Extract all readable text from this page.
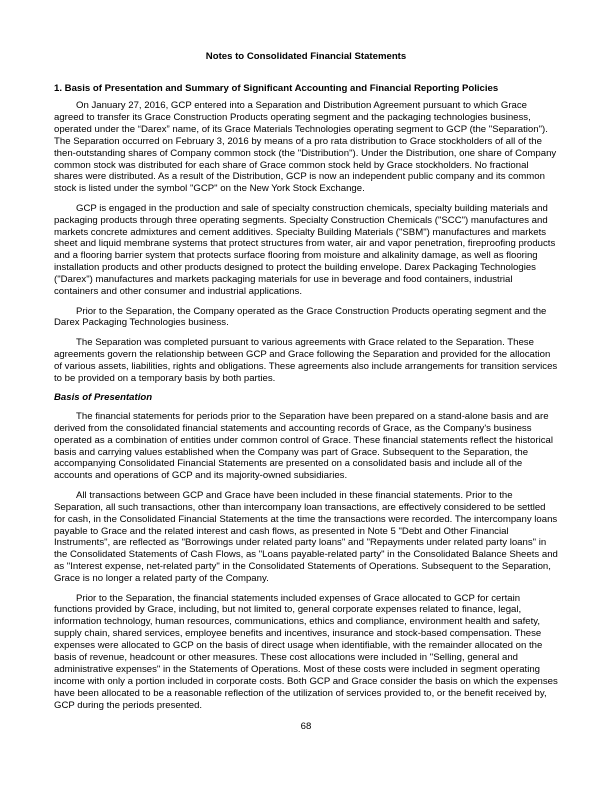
Notes to Consolidated Financial Statements
1. Basis of Presentation and Summary of Significant Accounting and Financial Reporting Policies

On January 27, 2016, GCP entered into a Separation and Distribution Agreement pursuant to which Grace agreed to transfer its Grace Construction Products operating segment and the packaging technologies business, operated under the “Darex” name, of its Grace Materials Technologies operating segment to GCP (the "Separation"). The Separation occurred on February 3, 2016 by means of a pro rata distribution to Grace stockholders of all of the then-outstanding shares of Company common stock (the "Distribution"). Under the Distribution, one share of Company common stock was distributed for each share of Grace common stock held by Grace stockholders. No fractional shares were distributed. As a result of the Distribution, GCP is now an independent public company and its common stock is listed under the symbol "GCP" on the New York Stock Exchange.

GCP is engaged in the production and sale of specialty construction chemicals, specialty building materials and packaging products through three operating segments. Specialty Construction Chemicals ("SCC") manufactures and markets concrete admixtures and cement additives. Specialty Building Materials ("SBM") manufactures and markets sheet and liquid membrane systems that protect structures from water, air and vapor penetration, fireproofing products and a flooring barrier system that protects surface flooring from moisture and alkalinity damage, as well as flooring installation products and other products designed to protect the building envelope. Darex Packaging Technologies ("Darex") manufactures and markets packaging materials for use in beverage and food containers, industrial containers and other consumer and industrial applications.

Prior to the Separation, the Company operated as the Grace Construction Products operating segment and the Darex Packaging Technologies business.

The Separation was completed pursuant to various agreements with Grace related to the Separation. These agreements govern the relationship between GCP and Grace following the Separation and provided for the allocation of various assets, liabilities, rights and obligations. These agreements also include arrangements for transition services to be provided on a temporary basis by both parties.

Basis of Presentation

The financial statements for periods prior to the Separation have been prepared on a stand-alone basis and are derived from the consolidated financial statements and accounting records of Grace, as the Company's business operated as a combination of entities under common control of Grace. These financial statements reflect the historical basis and carrying values established when the Company was part of Grace. Subsequent to the Separation, the accompanying Consolidated Financial Statements are presented on a consolidated basis and include all of the accounts and operations of GCP and its majority-owned subsidiaries.

All transactions between GCP and Grace have been included in these financial statements. Prior to the Separation, all such transactions, other than intercompany loan transactions, are effectively considered to be settled for cash, in the Consolidated Financial Statements at the time the transactions were recorded. The intercompany loans payable to Grace and the related interest and cash flows, as presented in Note 5 "Debt and Other Financial Instruments", are reflected as "Borrowings under related party loans" and "Repayments under related party loans" in the Consolidated Statements of Cash Flows, as "Loans payable-related party" in the Consolidated Balance Sheets and as "Interest expense, net-related party" in the Consolidated Statements of Operations. Subsequent to the Separation, Grace is no longer a related party of the Company.

Prior to the Separation, the financial statements included expenses of Grace allocated to GCP for certain functions provided by Grace, including, but not limited to, general corporate expenses related to finance, legal, information technology, human resources, communications, ethics and compliance, environment health and safety, supply chain, shared services, employee benefits and incentives, insurance and stock-based compensation. These expenses were allocated to GCP on the basis of direct usage when identifiable, with the remainder allocated on the basis of revenue, headcount or other measures. These cost allocations were included in "Selling, general and administrative expenses" in the Statements of Operations. Most of these costs were included in segment operating income with only a portion included in corporate costs. Both GCP and Grace consider the basis on which the expenses have been allocated to be a reasonable reflection of the utilization of services provided to, or the benefit received by, GCP during the periods presented.

68
